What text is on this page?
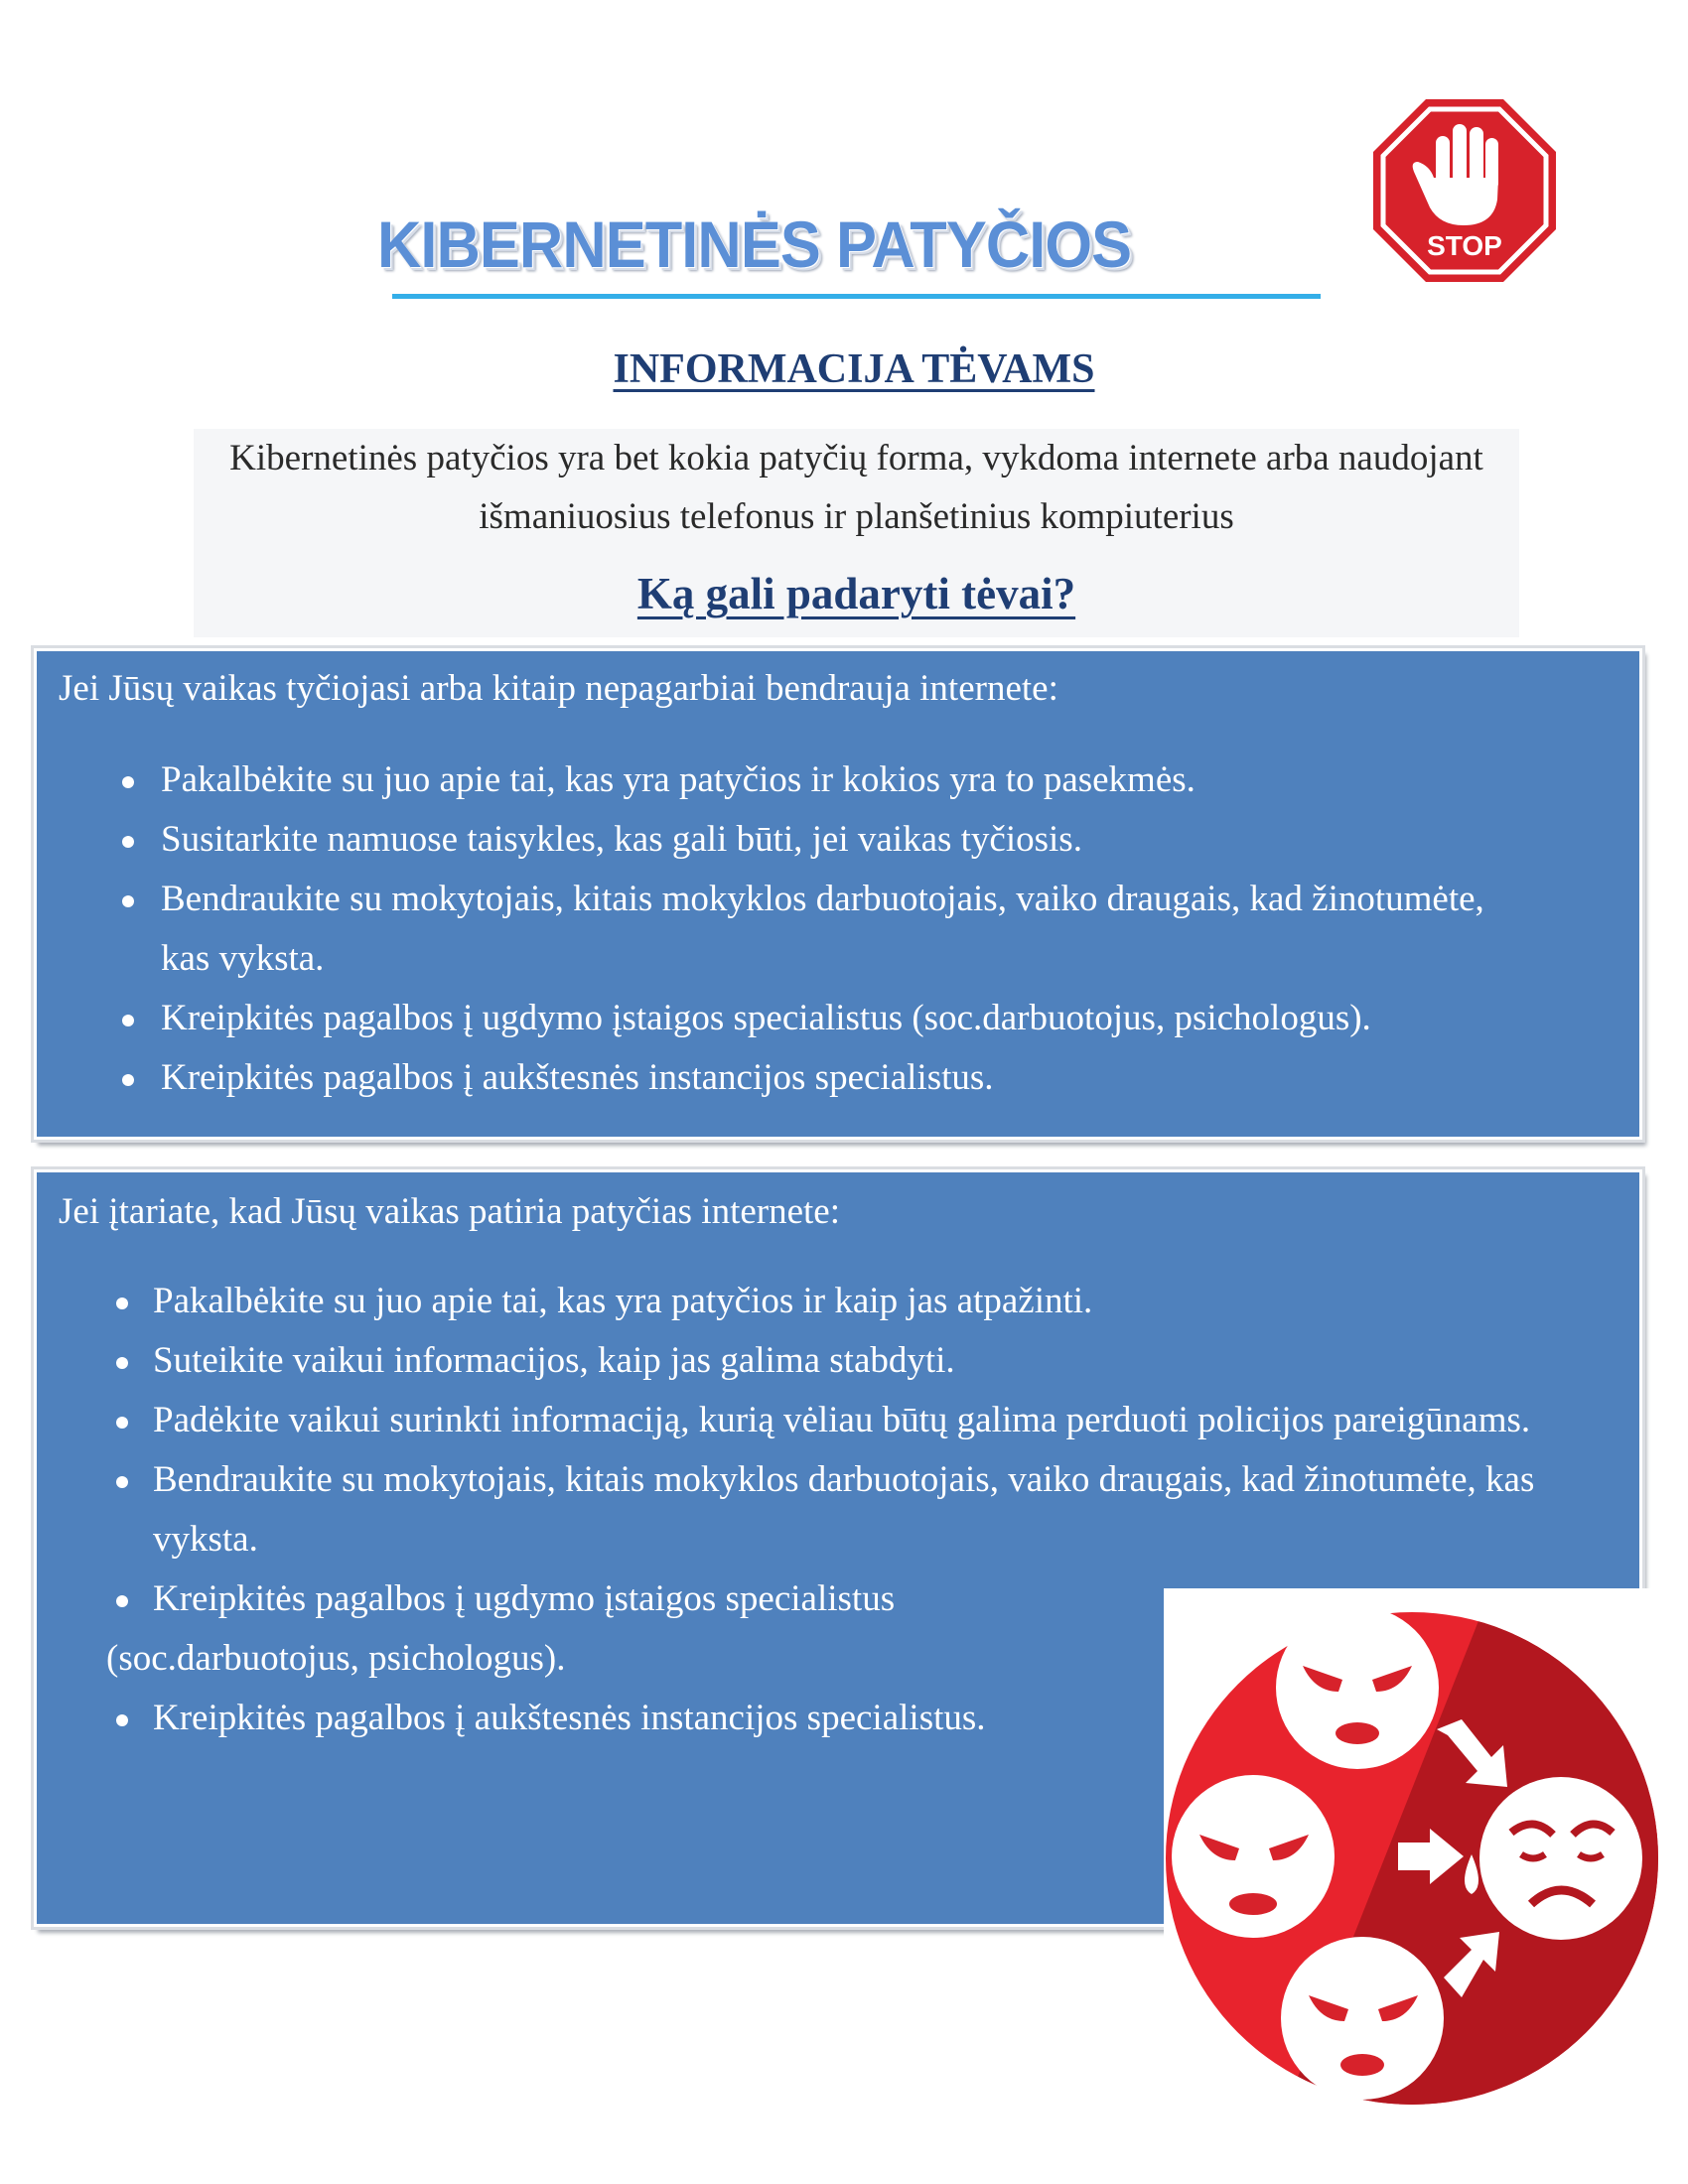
KIBERNETINĖS PATYČIOS	STOP
INFORMACIJA TĖVAMS
Kibernetinės patyčios yra bet kokia patyčių forma, vykdoma internete arba naudojant išmaniuosius telefonus ir planšetinius kompiuterius
Ką gali padaryti tėvai?
Jei Jūsų vaikas tyčiojasi arba kitaip nepagarbiai bendrauja internete:
Pakalbėkite su juo apie tai, kas yra patyčios ir kokios yra to pasekmės.
Susitarkite namuose taisykles, kas gali būti, jei vaikas tyčiosis.
Bendraukite su mokytojais, kitais mokyklos darbuotojais, vaiko draugais, kad žinotumėte, kas vyksta.
Kreipkitės pagalbos į ugdymo įstaigos specialistus (soc.darbuotojus, psichologus).
Kreipkitės pagalbos į aukštesnės instancijos specialistus.
Jei įtariate, kad Jūsų vaikas patiria patyčias internete:
Pakalbėkite su juo apie tai, kas yra patyčios ir kaip jas atpažinti.
Suteikite vaikui informacijos, kaip jas galima stabdyti.
Padėkite vaikui surinkti informaciją, kurią vėliau būtų galima perduoti policijos pareigūnams.
Bendraukite su mokytojais, kitais mokyklos darbuotojais, vaiko draugais, kad žinotumėte, kas vyksta.
Kreipkitės pagalbos į ugdymo įstaigos specialistus
(soc.darbuotojus, psichologus).
Kreipkitės pagalbos į aukštesnės instancijos specialistus.
